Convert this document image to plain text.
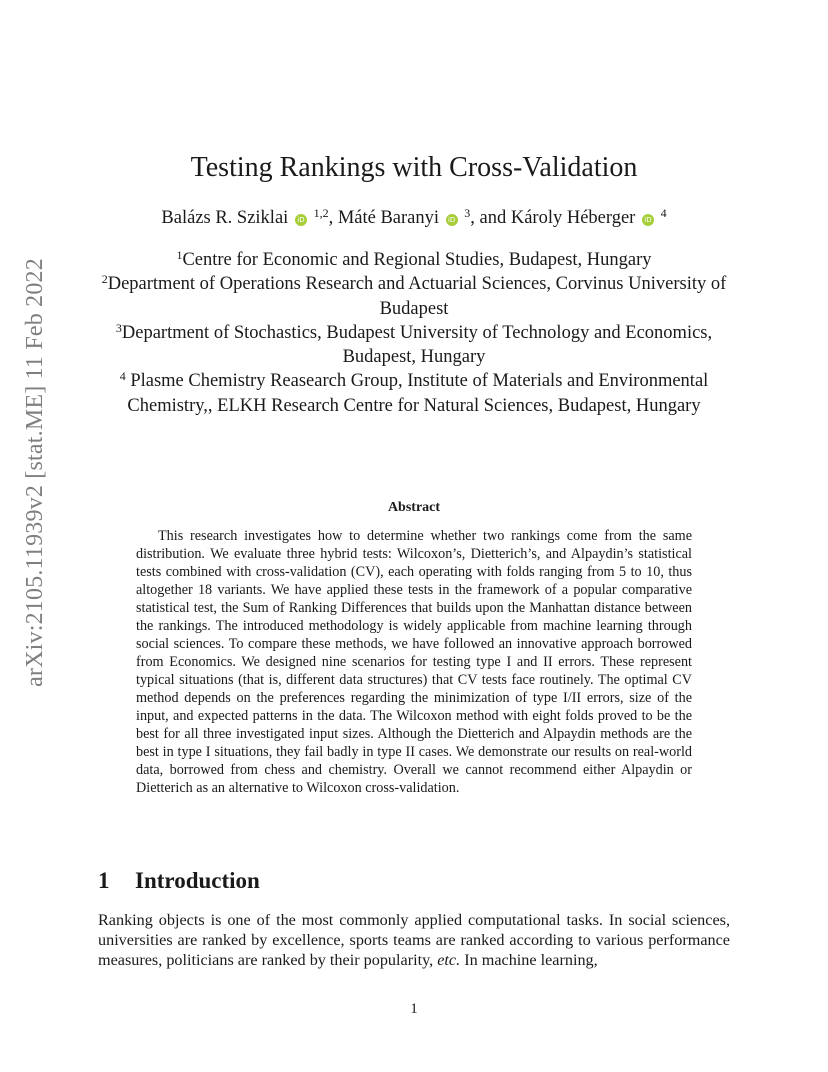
arXiv:2105.11939v2 [stat.ME] 11 Feb 2022
Testing Rankings with Cross-Validation
Balázs R. Sziklai iD $^{1,2}$, Máté Baranyi iD $^3$, and Károly Héberger iD $^4$
$^1$Centre for Economic and Regional Studies, Budapest, Hungary
$^2$Department of Operations Research and Actuarial Sciences, Corvinus University of Budapest
$^3$Department of Stochastics, Budapest University of Technology and Economics, Budapest, Hungary
$^4$ Plasme Chemistry Reasearch Group, Institute of Materials and Environmental Chemistry,, ELKH Research Centre for Natural Sciences, Budapest, Hungary
Abstract

This research investigates how to determine whether two rankings come from the same distribution. We evaluate three hybrid tests: Wilcoxon’s, Dietterich’s, and Alpaydin’s statistical tests combined with cross-validation (CV), each operating with folds ranging from 5 to 10, thus altogether 18 variants. We have applied these tests in the framework of a popular comparative statistical test, the Sum of Ranking Differences that builds upon the Manhattan distance between the rankings. The introduced methodology is widely applicable from machine learning through social sciences. To compare these methods, we have followed an innovative approach borrowed from Economics. We designed nine scenarios for testing type I and II errors. These represent typical situations (that is, different data structures) that CV tests face routinely. The optimal CV method depends on the preferences regarding the minimization of type I/II errors, size of the input, and expected patterns in the data. The Wilcoxon method with eight folds proved to be the best for all three investigated input sizes. Although the Dietterich and Alpaydin methods are the best in type I situations, they fail badly in type II cases. We demonstrate our results on real-world data, borrowed from chess and chemistry. Overall we cannot recommend either Alpaydin or Dietterich as an alternative to Wilcoxon cross-validation.

1 Introduction

Ranking objects is one of the most commonly applied computational tasks. In social sciences, universities are ranked by excellence, sports teams are ranked according to various performance measures, politicians are ranked by their popularity, etc. In machine learning,

1
